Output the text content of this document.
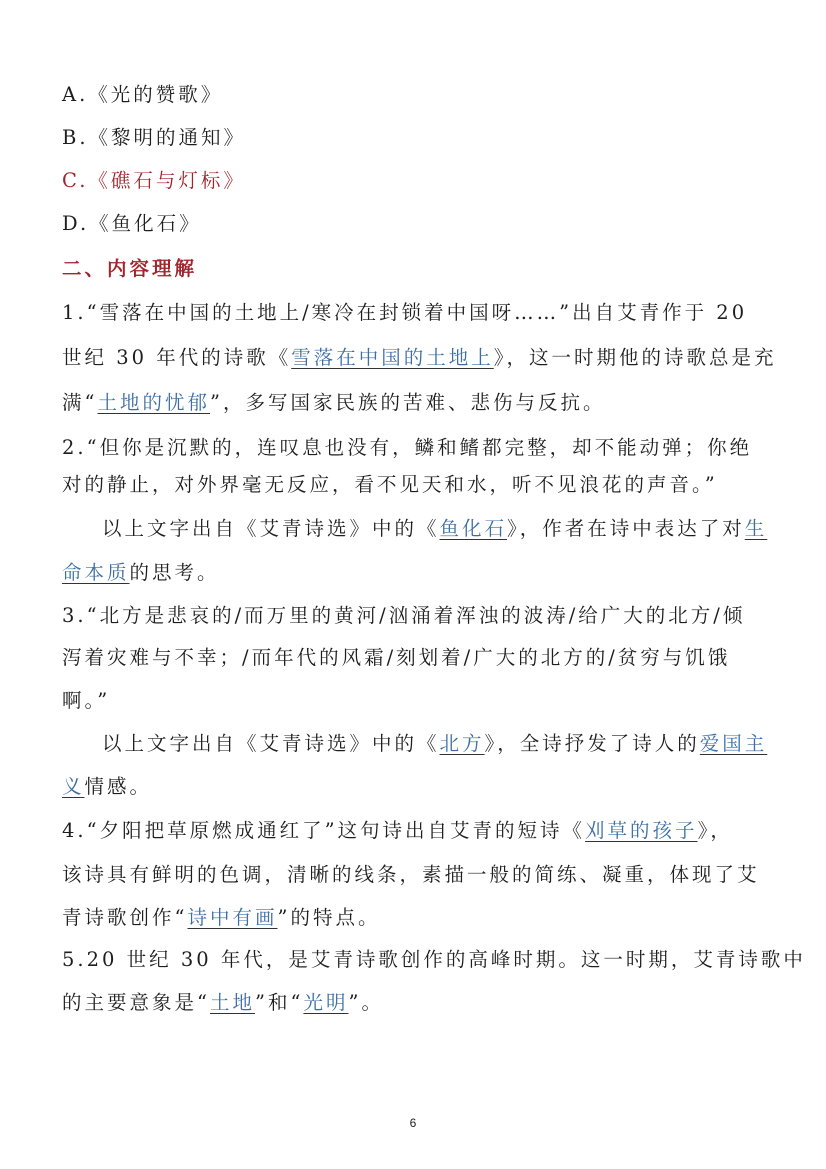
A.《光的赞歌》
B.《黎明的通知》
C.《礁石与灯标》
D.《鱼化石》
二、内容理解
1.“雪落在中国的土地上/寒冷在封锁着中国呀……”出自艾青作于 20
世纪 30 年代的诗歌《雪落在中国的土地上》，这一时期他的诗歌总是充
满“土地的忧郁”，多写国家民族的苦难、悲伤与反抗。
2.“但你是沉默的，连叹息也没有，鳞和鳍都完整，却不能动弹；你绝
对的静止，对外界毫无反应，看不见天和水，听不见浪花的声音。”
以上文字出自《艾青诗选》中的《鱼化石》，作者在诗中表达了对生
命本质的思考。
3.“北方是悲哀的/而万里的黄河/汹涌着浑浊的波涛/给广大的北方/倾
泻着灾难与不幸；/而年代的风霜/刻划着/广大的北方的/贫穷与饥饿
啊。”
以上文字出自《艾青诗选》中的《北方》，全诗抒发了诗人的爱国主
义情感。
4.“夕阳把草原燃成通红了”这句诗出自艾青的短诗《刈草的孩子》，
该诗具有鲜明的色调，清晰的线条，素描一般的简练、凝重，体现了艾
青诗歌创作“诗中有画”的特点。
5.20 世纪 30 年代，是艾青诗歌创作的高峰时期。这一时期，艾青诗歌中
的主要意象是“土地”和“光明”。
6
